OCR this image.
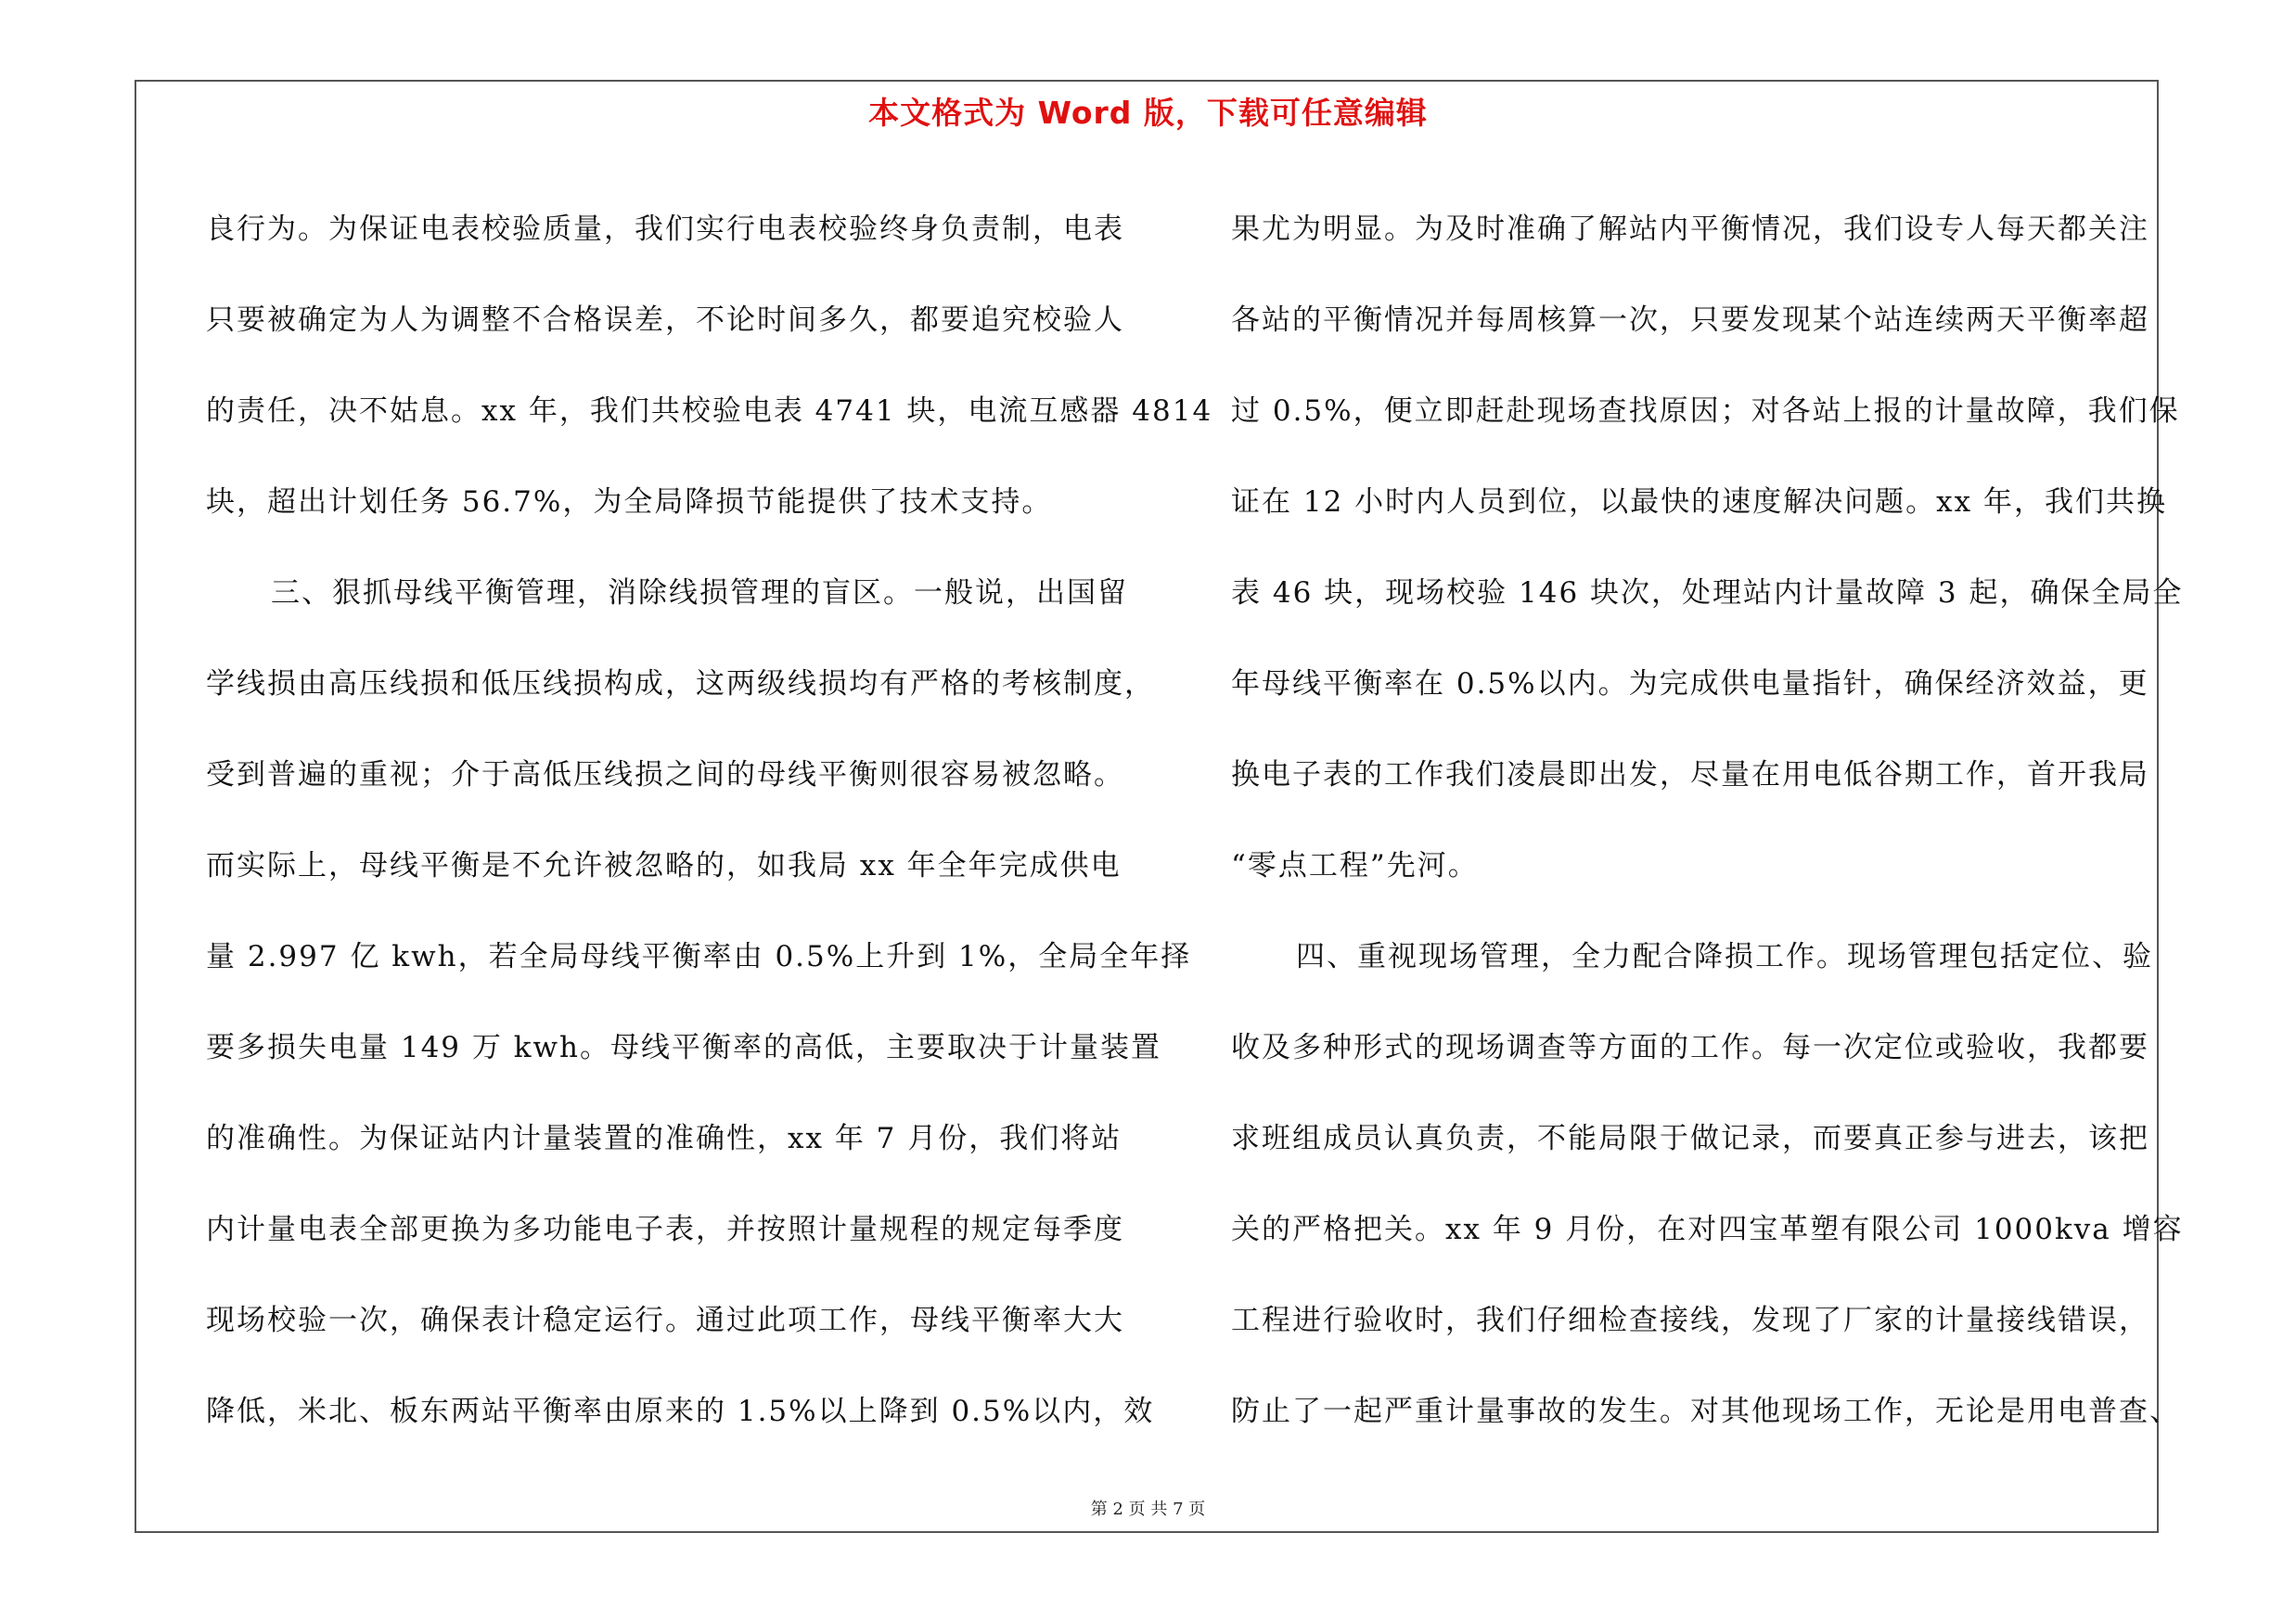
本文格式为 Word 版，下载可任意编辑
良行为。为保证电表校验质量，我们实行电表校验终身负责制，电表
只要被确定为人为调整不合格误差，不论时间多久，都要追究校验人
的责任，决不姑息。xx 年，我们共校验电表 4741 块，电流互感器 4814
块，超出计划任务 56.7%，为全局降损节能提供了技术支持。
三、狠抓母线平衡管理，消除线损管理的盲区。一般说，出国留
学线损由高压线损和低压线损构成，这两级线损均有严格的考核制度，
受到普遍的重视；介于高低压线损之间的母线平衡则很容易被忽略。
而实际上，母线平衡是不允许被忽略的，如我局 xx 年全年完成供电
量 2.997 亿 kwh，若全局母线平衡率由 0.5%上升到 1%，全局全年择
要多损失电量 149 万 kwh。母线平衡率的高低，主要取决于计量装置
的准确性。为保证站内计量装置的准确性，xx 年 7 月份，我们将站
内计量电表全部更换为多功能电子表，并按照计量规程的规定每季度
现场校验一次，确保表计稳定运行。通过此项工作，母线平衡率大大
降低，米北、板东两站平衡率由原来的 1.5%以上降到 0.5%以内，效
果尤为明显。为及时准确了解站内平衡情况，我们设专人每天都关注
各站的平衡情况并每周核算一次，只要发现某个站连续两天平衡率超
过 0.5%，便立即赶赴现场查找原因；对各站上报的计量故障，我们保
证在 12 小时内人员到位，以最快的速度解决问题。xx 年，我们共换
表 46 块，现场校验 146 块次，处理站内计量故障 3 起，确保全局全
年母线平衡率在 0.5%以内。为完成供电量指针，确保经济效益，更
换电子表的工作我们凌晨即出发，尽量在用电低谷期工作，首开我局
“零点工程”先河。
四、重视现场管理，全力配合降损工作。现场管理包括定位、验
收及多种形式的现场调查等方面的工作。每一次定位或验收，我都要
求班组成员认真负责，不能局限于做记录，而要真正参与进去，该把
关的严格把关。xx 年 9 月份，在对四宝革塑有限公司 1000kva 增容
工程进行验收时，我们仔细检查接线，发现了厂家的计量接线错误，
防止了一起严重计量事故的发生。对其他现场工作，无论是用电普查、
第 2 页 共 7 页
